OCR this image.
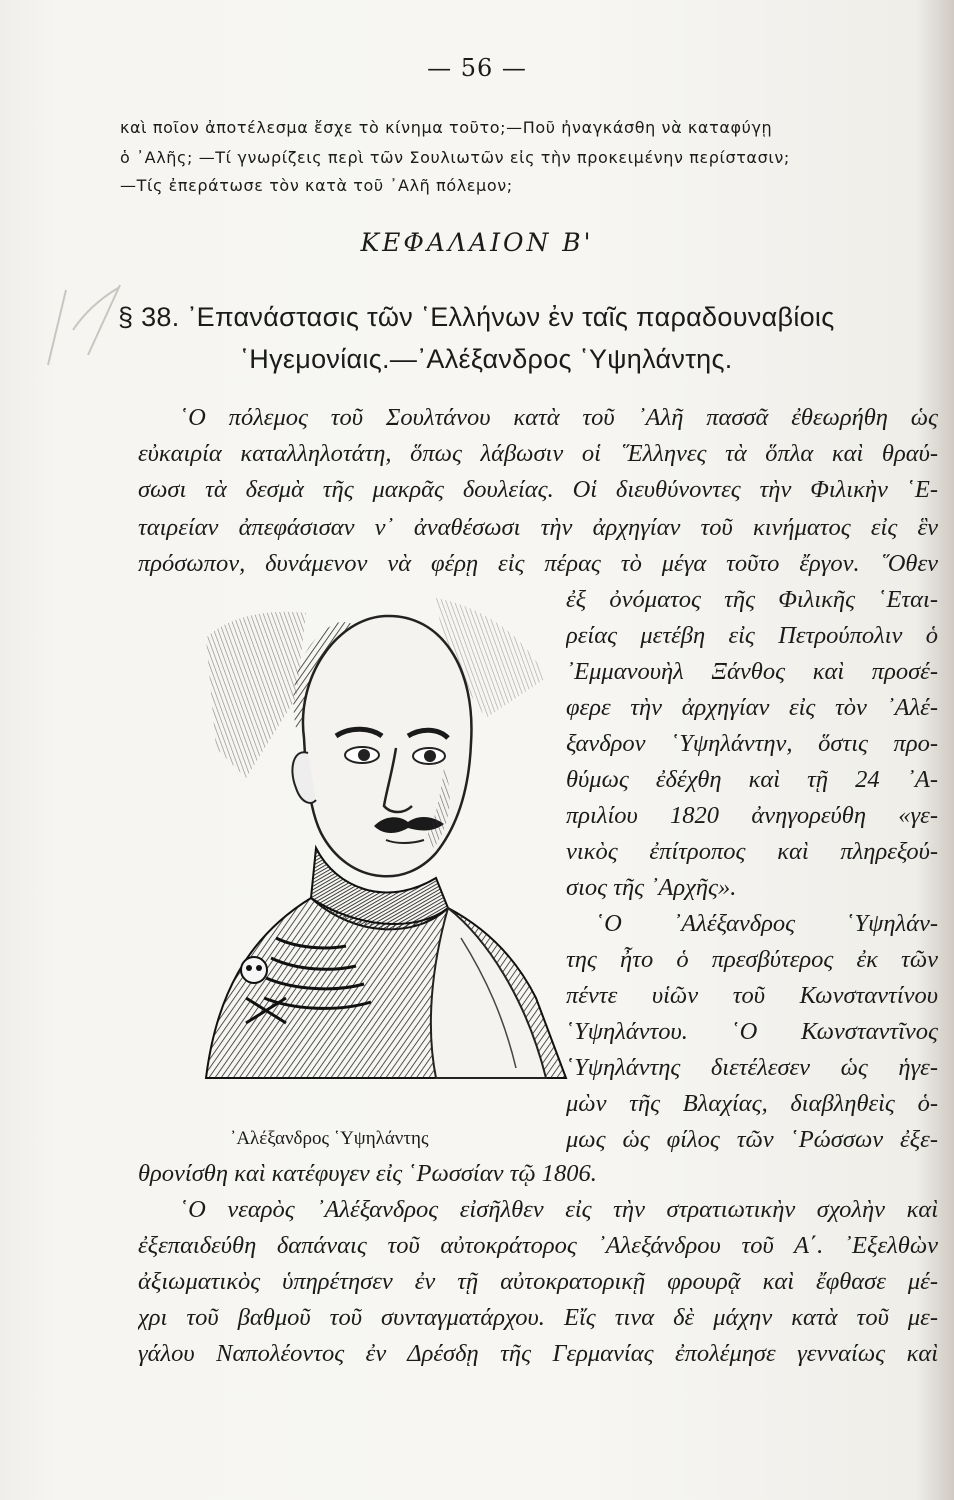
— 56 —
καὶ ποῖον ἀποτέλεσμα ἔσχε τὸ κίνημα τοῦτο;—Ποῦ ἠναγκάσθη νὰ καταφύγῃ
ὁ ᾿Αλῆς; —Τί γνωρίζεις περὶ τῶν Σουλιωτῶν εἰς τὴν προκειμένην περίστασιν;
—Τίς ἐπεράτωσε τὸν κατὰ τοῦ ᾿Αλῆ πόλεμον;
ΚΕΦΑΛΑΙΟΝ Β'
§ 38. ᾿Επανάστασις τῶν ῾Ελλήνων ἐν ταῖς παραδουναβίοις
῾Ηγεμονίαις.—᾿Αλέξανδρος ῾Υψηλάντης.
῾Ο πόλεμος τοῦ Σουλτάνου κατὰ τοῦ ᾿Αλῆ πασσᾶ ἐθεωρήθη ὡς
εὐκαιρία καταλληλοτάτη, ὅπως λάβωσιν οἱ ῞Ελληνες τὰ ὅπλα καὶ θραύ-
σωσι τὰ δεσμὰ τῆς μακρᾶς δουλείας. Οἱ διευθύνοντες τὴν Φιλικὴν ῾Ε-
ταιρείαν ἀπεφάσισαν ν᾿ ἀναθέσωσι τὴν ἀρχηγίαν τοῦ κινήματος εἰς ἓν
πρόσωπον, δυνάμενον νὰ φέρῃ εἰς πέρας τὸ μέγα τοῦτο ἔργον. ῞Οθεν
ἐξ ὀνόματος τῆς Φιλικῆς ῾Εται-
ρείας μετέβη εἰς Πετρούπολιν ὁ
᾿Εμμανουὴλ Ξάνθος καὶ προσέ-
φερε τὴν ἀρχηγίαν εἰς τὸν ᾿Αλέ-
ξανδρον ῾Υψηλάντην, ὅστις προ-
θύμως ἐδέχθη καὶ τῇ 24 ᾿Α-
πριλίου 1820 ἀνηγορεύθη «γε-
νικὸς ἐπίτροπος καὶ πληρεξού-
σιος τῆς ᾿Αρχῆς».
῾Ο ᾿Αλέξανδρος ῾Υψηλάν-
της ἦτο ὁ πρεσβύτερος ἐκ τῶν
πέντε υἱῶν τοῦ Κωνσταντίνου
῾Υψηλάντου. ῾Ο Κωνσταντῖνος
῾Υψηλάντης διετέλεσεν ὡς ἡγε-
μὼν τῆς Βλαχίας, διαβληθεὶς ὁ-
μως ὡς φίλος τῶν ῾Ρώσσων ἐξε-
᾿Αλέξανδρος ῾Υψηλάντης
θρονίσθη καὶ κατέφυγεν εἰς ῾Ρωσσίαν τῷ 1806.
῾Ο νεαρὸς ᾿Αλέξανδρος εἰσῆλθεν εἰς τὴν στρατιωτικὴν σχολὴν καὶ
ἐξεπαιδεύθη δαπάναις τοῦ αὐτοκράτορος ᾿Αλεξάνδρου τοῦ Α΄. ᾿Εξελθὼν
ἀξιωματικὸς ὑπηρέτησεν ἐν τῇ αὐτοκρατορικῇ φρουρᾷ καὶ ἔφθασε μέ-
χρι τοῦ βαθμοῦ τοῦ συνταγματάρχου. Εἴς τινα δὲ μάχην κατὰ τοῦ με-
γάλου Ναπολέοντος ἐν Δρέσδῃ τῆς Γερμανίας ἐπολέμησε γενναίως καὶ
